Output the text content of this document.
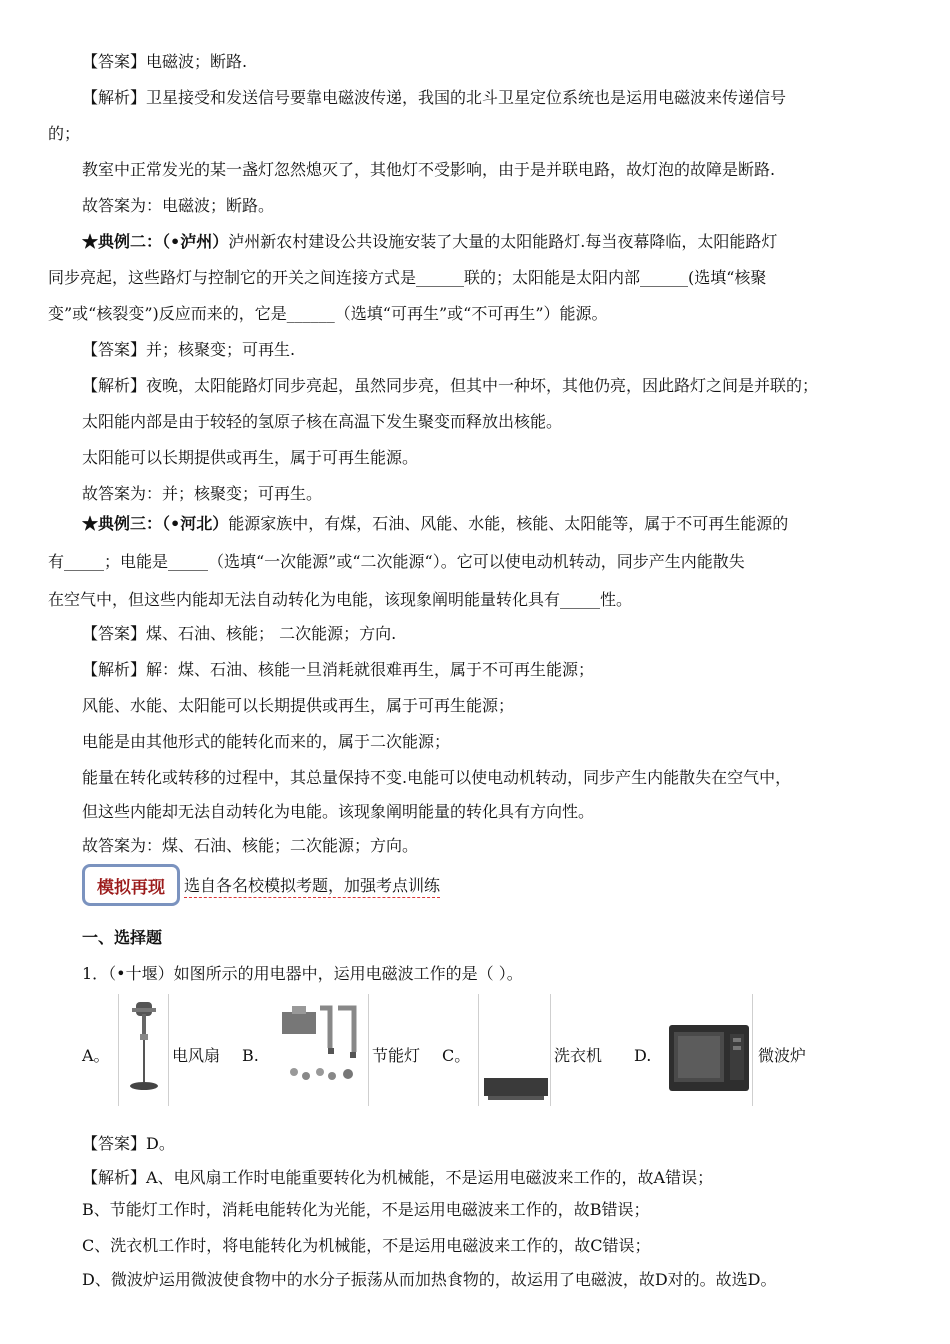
【答案】电磁波；断路.
【解析】卫星接受和发送信号要靠电磁波传递，我国的北斗卫星定位系统也是运用电磁波来传递信号
的；
教室中正常发光的某一盏灯忽然熄灭了，其他灯不受影响，由于是并联电路，故灯泡的故障是断路.
故答案为：电磁波；断路。
★典例二：（•泸州）泸州新农村建设公共设施安装了大量的太阳能路灯.每当夜幕降临，太阳能路灯
同步亮起，这些路灯与控制它的开关之间连接方式是______联的；太阳能是太阳内部______(选填“核聚
变”或“核裂变”)反应而来的，它是______（选填“可再生”或“不可再生”）能源。
【答案】并；核聚变；可再生.
【解析】夜晚，太阳能路灯同步亮起，虽然同步亮，但其中一种坏，其他仍亮，因此路灯之间是并联的；
太阳能内部是由于较轻的氢原子核在高温下发生聚变而释放出核能。
太阳能可以长期提供或再生，属于可再生能源。
故答案为：并；核聚变；可再生。
★典例三：（•河北）能源家族中，有煤，石油、风能、水能，核能、太阳能等，属于不可再生能源的
有_____；电能是_____（选填“一次能源”或“二次能源“）。它可以使电动机转动，同步产生内能散失
在空气中，但这些内能却无法自动转化为电能，该现象阐明能量转化具有_____性。
【答案】煤、石油、核能； 二次能源；方向.
【解析】解：煤、石油、核能一旦消耗就很难再生，属于不可再生能源；
风能、水能、太阳能可以长期提供或再生，属于可再生能源；
电能是由其他形式的能转化而来的，属于二次能源；
能量在转化或转移的过程中，其总量保持不变.电能可以使电动机转动，同步产生内能散失在空气中，
但这些内能却无法自动转化为电能。该现象阐明能量的转化具有方向性。
故答案为：煤、石油、核能；二次能源；方向。
模拟再现	选自各名校模拟考题，加强考点训练
一、选择题
1．（•十堰）如图所示的用电器中，运用电磁波工作的是（ ）。
A。	电风扇 B.	节能灯 C。	洗衣机 D.	微波炉
【答案】D。
【解析】A、电风扇工作时电能重要转化为机械能，不是运用电磁波来工作的，故A错误；
B、节能灯工作时，消耗电能转化为光能，不是运用电磁波来工作的，故B错误；
C、洗衣机工作时，将电能转化为机械能，不是运用电磁波来工作的，故C错误；
D、微波炉运用微波使食物中的水分子振荡从而加热食物的，故运用了电磁波，故D对的。故选D。
